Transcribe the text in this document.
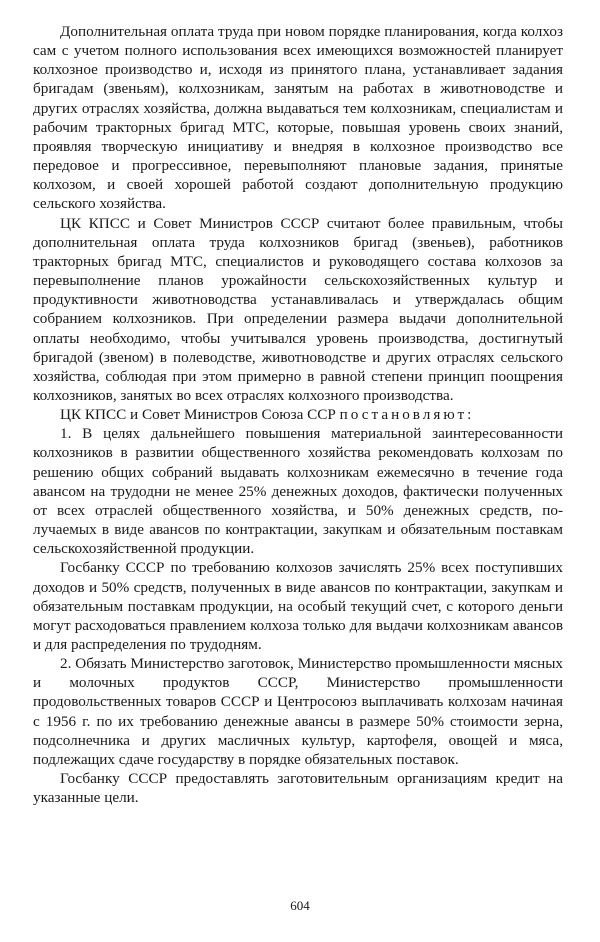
Дополнительная оплата труда при новом порядке планирования, когда колхоз сам с учетом полного использования всех имеющихся возможностей планирует колхозное производство и, исходя из принятого плана, устанавливает задания бригадам (звеньям), колхозникам, занятым на работах в животноводстве и других отраслях хозяйства, должна выдаваться тем колхозникам, специалистам и рабочим тракторных бригад МТС, которые, повышая уровень своих знаний, проявляя творческую инициативу и внедряя в колхозное производство все передовое и прогрессивное, перевыполняют плановые задания, принятые колхозом, и своей хорошей работой создают дополнительную продукцию сельского хозяйства.

ЦК КПСС и Совет Министров СССР считают более правильным, чтобы дополнительная оплата труда колхозников бригад (звеньев), работников тракторных бригад МТС, специалистов и руководящего состава колхозов за перевыполнение планов урожайности сельскохозяйственных культур и продуктивности животноводства устанавливалась и утверждалась общим собранием колхозников. При определении размера выдачи дополнительной оплаты необходимо, чтобы учитывался уровень производства, достигнутый бригадой (звеном) в полеводстве, животноводстве и других отраслях сельского хозяйства, соблюдая при этом примерно в равной степени принцип поощрения колхозников, занятых во всех отраслях колхозного производства.

ЦК КПСС и Совет Министров Союза ССР постановляют:

1. В целях дальнейшего повышения материальной заинтересованности колхозников в развитии общественного хозяйства рекомендовать колхозам по решению общих собраний выдавать колхозникам ежемесячно в течение года авансом на трудодни не менее 25% денежных доходов, фактически полученных от всех отраслей общественного хозяйства, и 50% денежных средств, получаемых в виде авансов по контрактации, закупкам и обязательным поставкам сельскохозяйственной продукции.

Госбанку СССР по требованию колхозов зачислять 25% всех поступивших доходов и 50% средств, полученных в виде авансов по контрактации, закупкам и обязательным поставкам продукции, на особый текущий счет, с которого деньги могут расходоваться правлением колхоза только для выдачи колхозникам авансов и для распределения по трудодням.

2. Обязать Министерство заготовок, Министерство промышленности мясных и молочных продуктов СССР, Министерство промышленности продовольственных товаров СССР и Центросоюз выплачивать колхозам начиная с 1956 г. по их требованию денежные авансы в размере 50% стоимости зерна, подсолнечника и других масличных культур, картофеля, овощей и мяса, подлежащих сдаче государству в порядке обязательных поставок.

Госбанку СССР предоставлять заготовительным организациям кредит на указанные цели.

604
